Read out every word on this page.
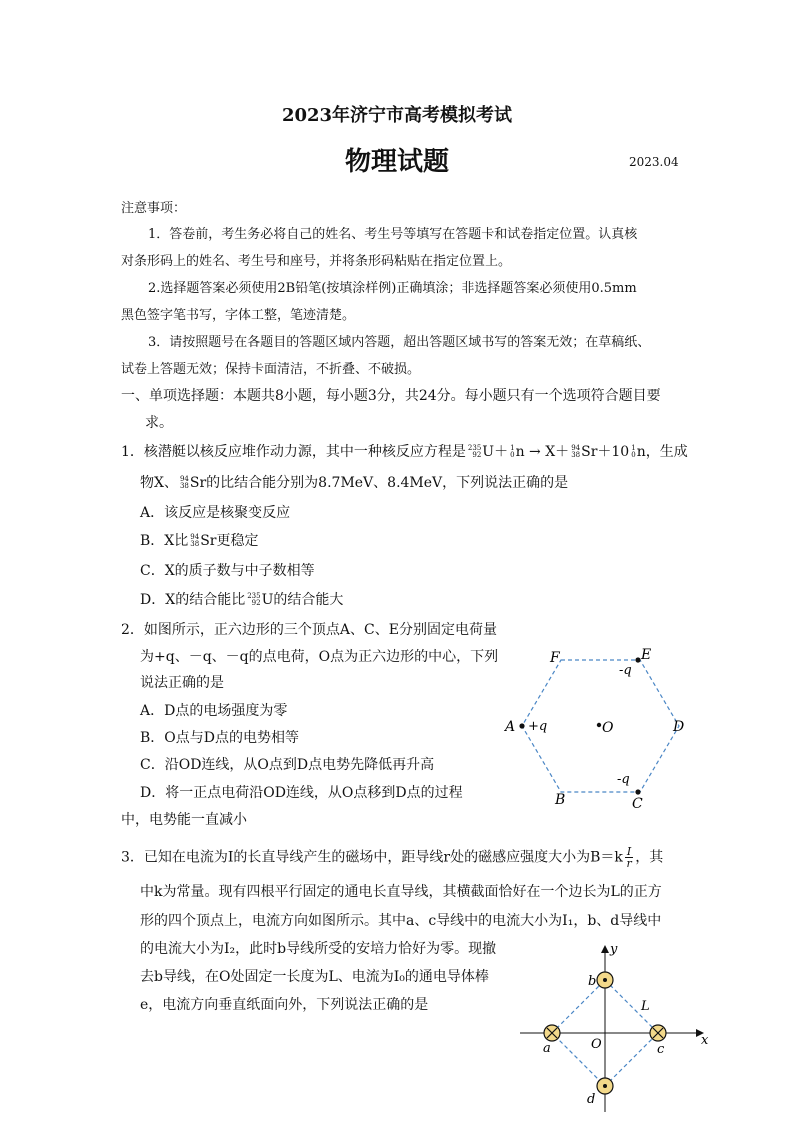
2023年济宁市高考模拟考试
物理试题	2023.04
注意事项：
1．答卷前，考生务必将自己的姓名、考生号等填写在答题卡和试卷指定位置。认真核
对条形码上的姓名、考生号和座号，并将条形码粘贴在指定位置上。
2.选择题答案必须使用2B铅笔(按填涂样例)正确填涂；非选择题答案必须使用0.5mm
黑色签字笔书写，字体工整，笔迹清楚。
3．请按照题号在各题目的答题区域内答题，超出答题区域书写的答案无效；在草稿纸、
试卷上答题无效；保持卡面清洁，不折叠、不破损。
一、单项选择题：本题共8小题，每小题3分，共24分。每小题只有一个选项符合题目要
求。
1．核潜艇以核反应堆作动力源，其中一种核反应方程是 235
92 U＋ 1
0 n → X＋ 94
38 Sr＋10 1
0 n，生成
物X、 94
38 Sr的比结合能分别为8.7MeV、8.4MeV，下列说法正确的是
A．该反应是核聚变反应
B．X比 94
38 Sr更稳定
C．X的质子数与中子数相等
D．X的结合能比 235
92 U的结合能大
2．如图所示，正六边形的三个顶点A、C、E分别固定电荷量
为+q、－q、－q的点电荷，O点为正六边形的中心，下列
说法正确的是
A．D点的电场强度为零
B．O点与D点的电势相等
C．沿OD连线，从O点到D点电势先降低再升高
D．将一正点电荷沿OD连线，从O点移到D点的过程
中，电势能一直减小
F	E
-q
A +q	O	D
-q
C
B
3．已知在电流为I的长直导线产生的磁场中，距导线r处的磁感应强度大小为$B=k \frac{I}{r}$ ，其
中k为常量。现有四根平行固定的通电长直导线，其横截面恰好在一个边长为L的正方
形的四个顶点上，电流方向如图所示。其中a、c导线中的电流大小为I₁，b、d导线中
的电流大小为I₂，此时b导线所受的安培力恰好为零。现撤
去b导线，在O处固定一长度为L、电流为I₀的通电导体棒
e，电流方向垂直纸面向外，下列说法正确的是
x
y
b
L
a	O	c
d
